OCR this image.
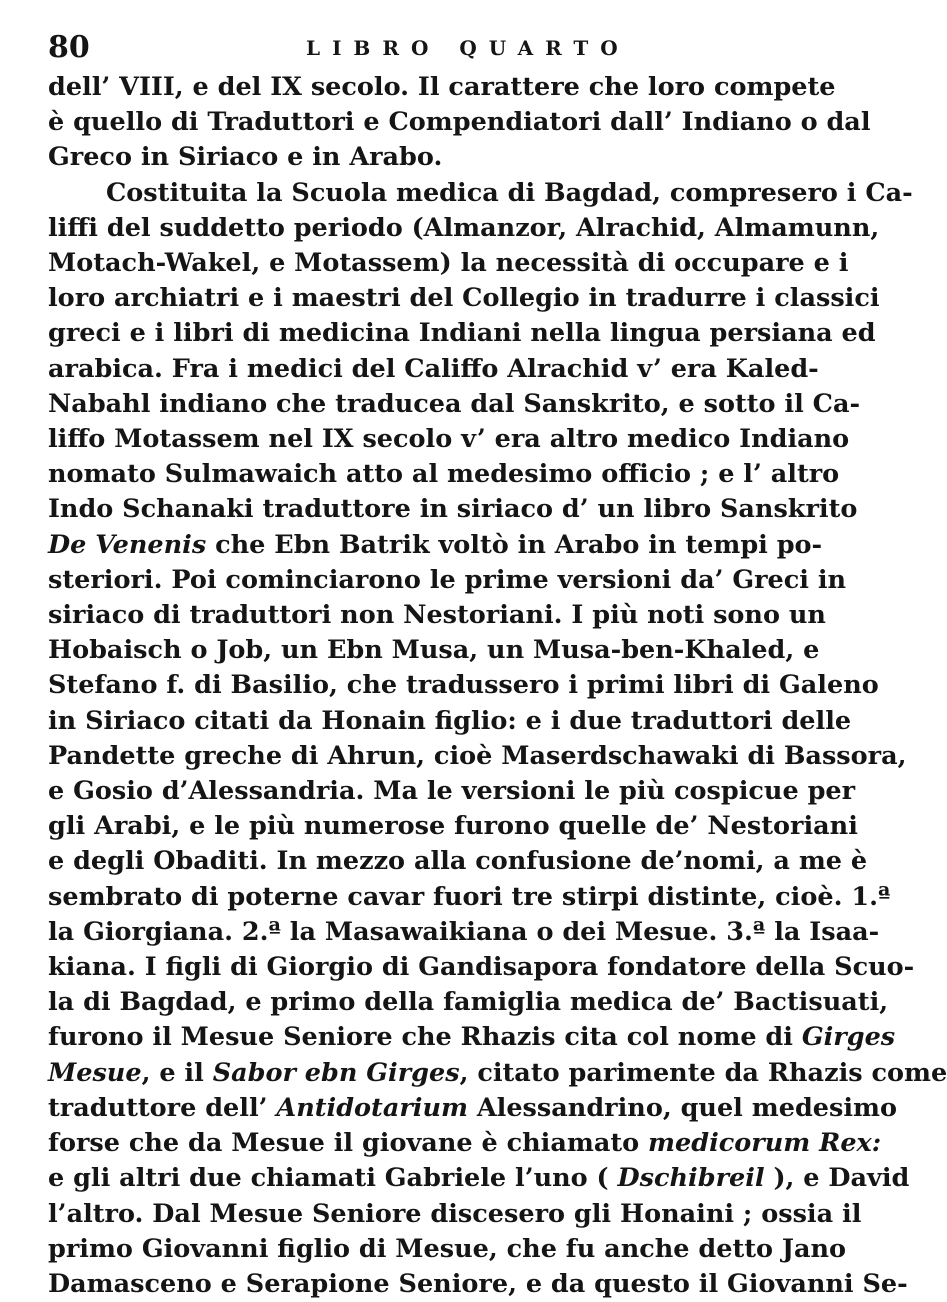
80	LIBRO QUARTO
dell’ VIII, e del IX secolo. Il carattere che loro compete
è quello di Traduttori e Compendiatori dall’ Indiano o dal
Greco in Siriaco e in Arabo.
Costituita la Scuola medica di Bagdad, compresero i Ca-
liffi del suddetto periodo (Almanzor, Alrachid, Almamunn,
Motach-Wakel, e Motassem) la necessità di occupare e i
loro archiatri e i maestri del Collegio in tradurre i classici
greci e i libri di medicina Indiani nella lingua persiana ed
arabica. Fra i medici del Califfo Alrachid v’ era Kaled-
Nabahl indiano che traducea dal Sanskrito, e sotto il Ca-
liffo Motassem nel IX secolo v’ era altro medico Indiano
nomato Sulmawaich atto al medesimo officio ; e l’ altro
Indo Schanaki traduttore in siriaco d’ un libro Sanskrito
De Venenis che Ebn Batrik voltò in Arabo in tempi po-
steriori. Poi cominciarono le prime versioni da’ Greci in
siriaco di traduttori non Nestoriani. I più noti sono un
Hobaisch o Job, un Ebn Musa, un Musa-ben-Khaled, e
Stefano f. di Basilio, che tradussero i primi libri di Galeno
in Siriaco citati da Honain figlio: e i due traduttori delle
Pandette greche di Ahrun, cioè Maserdschawaki di Bassora,
e Gosio d’Alessandria. Ma le versioni le più cospicue per
gli Arabi, e le più numerose furono quelle de’ Nestoriani
e degli Obaditi. In mezzo alla confusione de’nomi, a me è
sembrato di poterne cavar fuori tre stirpi distinte, cioè. 1.ª
la Giorgiana. 2.ª la Masawaikiana o dei Mesue. 3.ª la Isaa-
kiana. I figli di Giorgio di Gandisapora fondatore della Scuo-
la di Bagdad, e primo della famiglia medica de’ Bactisuati,
furono il Mesue Seniore che Rhazis cita col nome di Girges
Mesue, e il Sabor ebn Girges, citato parimente da Rhazis come
traduttore dell’ Antidotarium Alessandrino, quel medesimo
forse che da Mesue il giovane è chiamato medicorum Rex:
e gli altri due chiamati Gabriele l’uno ( Dschibreil ), e David
l’altro. Dal Mesue Seniore discesero gli Honaini ; ossia il
primo Giovanni figlio di Mesue, che fu anche detto Jano
Damasceno e Serapione Seniore, e da questo il Giovanni Se-
